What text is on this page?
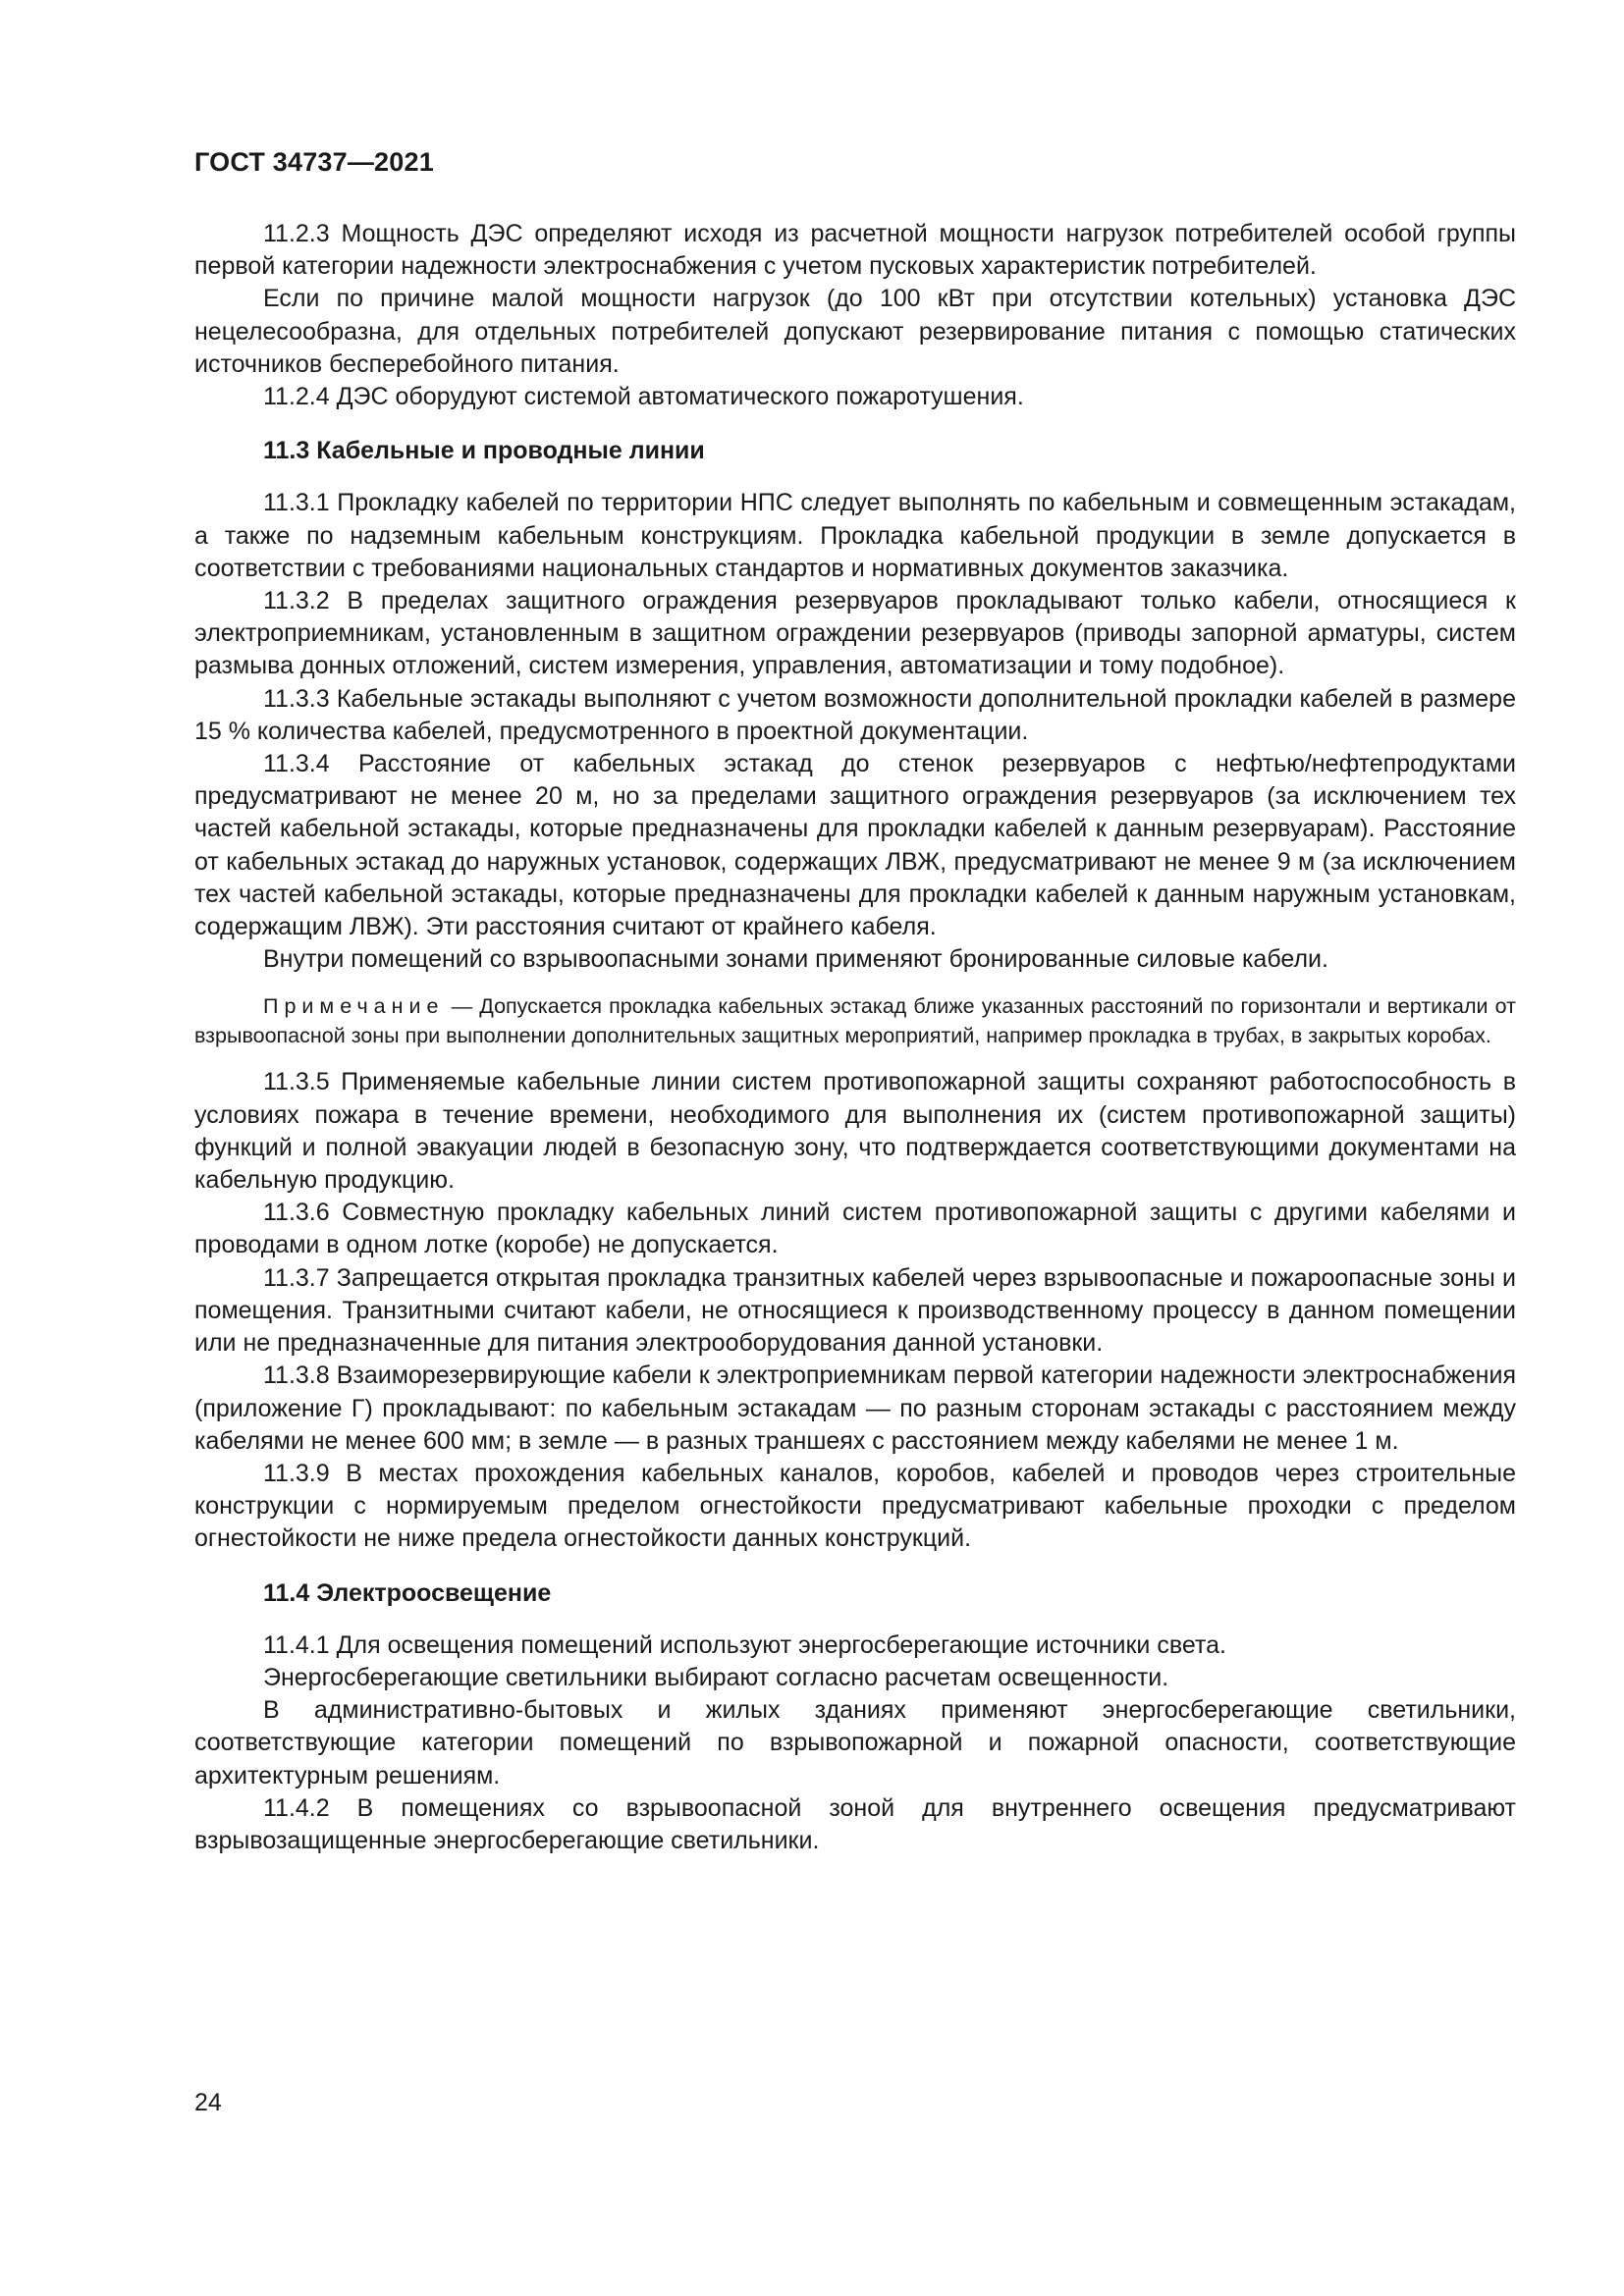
ГОСТ 34737—2021

11.2.3 Мощность ДЭС определяют исходя из расчетной мощности нагрузок потребителей особой группы первой категории надежности электроснабжения с учетом пусковых характеристик потребителей.

Если по причине малой мощности нагрузок (до 100 кВт при отсутствии котельных) установка ДЭС нецелесообразна, для отдельных потребителей допускают резервирование питания с помощью статических источников бесперебойного питания.

11.2.4 ДЭС оборудуют системой автоматического пожаротушения.

11.3 Кабельные и проводные линии

11.3.1 Прокладку кабелей по территории НПС следует выполнять по кабельным и совмещенным эстакадам, а также по надземным кабельным конструкциям. Прокладка кабельной продукции в земле допускается в соответствии с требованиями национальных стандартов и нормативных документов заказчика.

11.3.2 В пределах защитного ограждения резервуаров прокладывают только кабели, относящиеся к электроприемникам, установленным в защитном ограждении резервуаров (приводы запорной арматуры, систем размыва донных отложений, систем измерения, управления, автоматизации и тому подобное).

11.3.3 Кабельные эстакады выполняют с учетом возможности дополнительной прокладки кабелей в размере 15 % количества кабелей, предусмотренного в проектной документации.

11.3.4 Расстояние от кабельных эстакад до стенок резервуаров с нефтью/нефтепродуктами предусматривают не менее 20 м, но за пределами защитного ограждения резервуаров (за исключением тех частей кабельной эстакады, которые предназначены для прокладки кабелей к данным резервуарам). Расстояние от кабельных эстакад до наружных установок, содержащих ЛВЖ, предусматривают не менее 9 м (за исключением тех частей кабельной эстакады, которые предназначены для прокладки кабелей к данным наружным установкам, содержащим ЛВЖ). Эти расстояния считают от крайнего кабеля.

Внутри помещений со взрывоопасными зонами применяют бронированные силовые кабели.

Примечание — Допускается прокладка кабельных эстакад ближе указанных расстояний по горизонтали и вертикали от взрывоопасной зоны при выполнении дополнительных защитных мероприятий, например прокладка в трубах, в закрытых коробах.

11.3.5 Применяемые кабельные линии систем противопожарной защиты сохраняют работоспособность в условиях пожара в течение времени, необходимого для выполнения их (систем противопожарной защиты) функций и полной эвакуации людей в безопасную зону, что подтверждается соответствующими документами на кабельную продукцию.

11.3.6 Совместную прокладку кабельных линий систем противопожарной защиты с другими кабелями и проводами в одном лотке (коробе) не допускается.

11.3.7 Запрещается открытая прокладка транзитных кабелей через взрывоопасные и пожароопасные зоны и помещения. Транзитными считают кабели, не относящиеся к производственному процессу в данном помещении или не предназначенные для питания электрооборудования данной установки.

11.3.8 Взаиморезервирующие кабели к электроприемникам первой категории надежности электроснабжения (приложение Г) прокладывают: по кабельным эстакадам — по разным сторонам эстакады с расстоянием между кабелями не менее 600 мм; в земле — в разных траншеях с расстоянием между кабелями не менее 1 м.

11.3.9 В местах прохождения кабельных каналов, коробов, кабелей и проводов через строительные конструкции с нормируемым пределом огнестойкости предусматривают кабельные проходки с пределом огнестойкости не ниже предела огнестойкости данных конструкций.

11.4 Электроосвещение

11.4.1 Для освещения помещений используют энергосберегающие источники света.

Энергосберегающие светильники выбирают согласно расчетам освещенности.

В административно-бытовых и жилых зданиях применяют энергосберегающие светильники, соответствующие категории помещений по взрывопожарной и пожарной опасности, соответствующие архитектурным решениям.

11.4.2 В помещениях со взрывоопасной зоной для внутреннего освещения предусматривают взрывозащищенные энергосберегающие светильники.

24
